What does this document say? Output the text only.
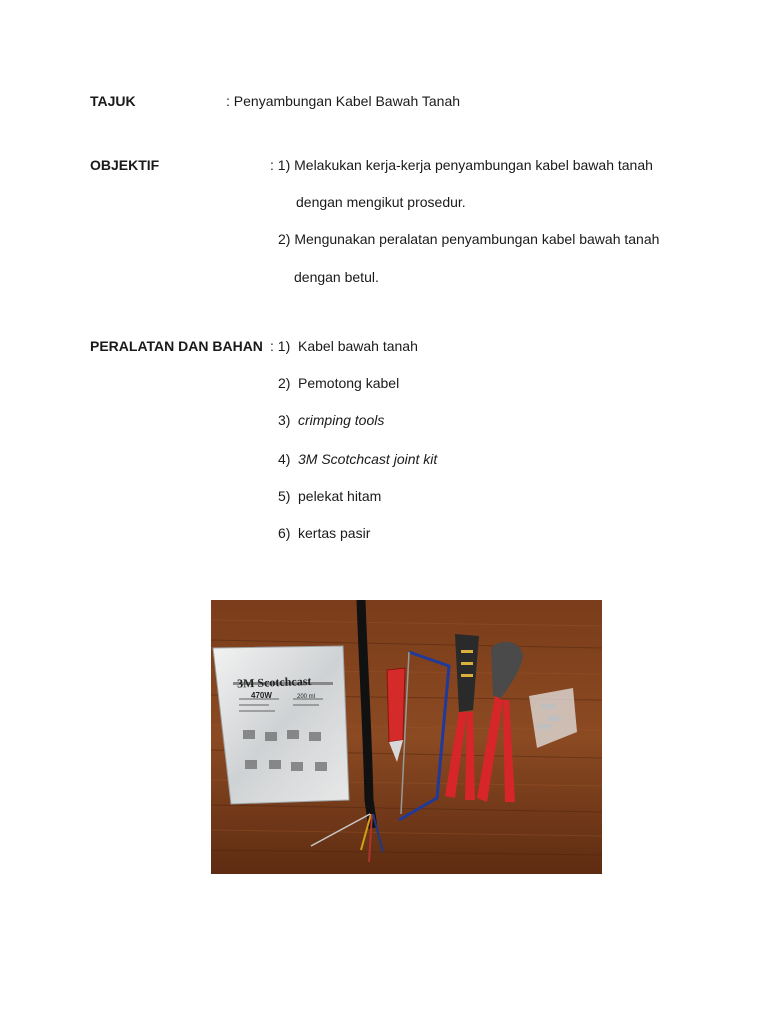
TAJUK	: Penyambungan Kabel Bawah Tanah
OBJEKTIF	: 1) Melakukan kerja-kerja penyambungan kabel bawah tanah
dengan mengikut prosedur.
2) Mengunakan peralatan penyambungan kabel bawah tanah
dengan betul.
PERALATAN DAN BAHAN : 1) Kabel bawah tanah
2) Pemotong kabel
3) crimping tools
4) 3M Scotchcast joint kit
5) pelekat hitam
6) kertas pasir
3M Scotchcast
470W	200 ml
